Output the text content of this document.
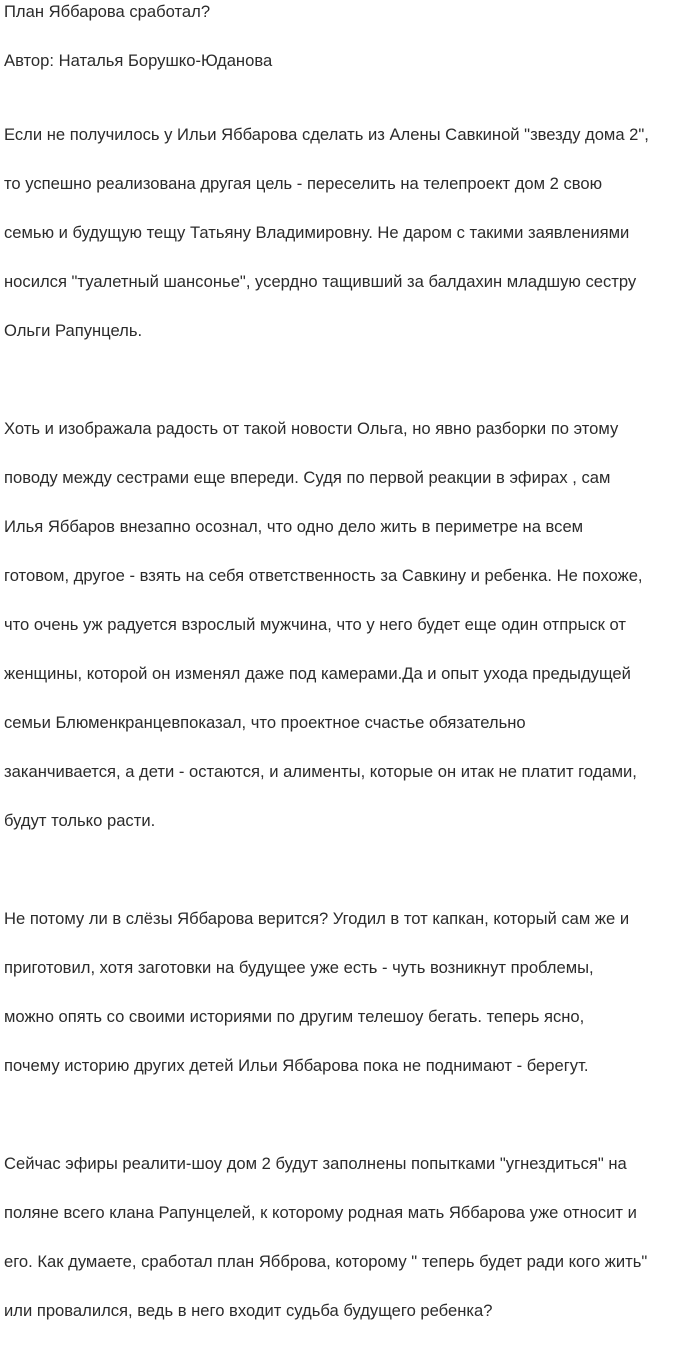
План Яббарова сработал?

Автор: Наталья Борушко-Юданова

Если не получилось у Ильи Яббарова сделать из Алены Савкиной "звезду дома 2",

то успешно реализована другая цель - переселить на телепроект дом 2 свою

семью и будущую тещу Татьяну Владимировну. Не даром с такими заявлениями

носился "туалетный шансонье", усердно тащивший за балдахин младшую сестру

Ольги Рапунцель.

Хоть и изображала радость от такой новости Ольга, но явно разборки по этому

поводу между сестрами еще впереди. Судя по первой реакции в эфирах , сам

Илья Яббаров внезапно осознал, что одно дело жить в периметре на всем

готовом, другое - взять на себя ответственность за Савкину и ребенка. Не похоже,

что очень уж радуется взрослый мужчина, что у него будет еще один отпрыск от

женщины, которой он изменял даже под камерами.Да и опыт ухода предыдущей

семьи Блюменкранцевпоказал, что проектное счастье обязательно

заканчивается, а дети - остаются, и алименты, которые он итак не платит годами,

будут только расти.

Не потому ли в слёзы Яббарова верится? Угодил в тот капкан, который сам же и

приготовил, хотя заготовки на будущее уже есть - чуть возникнут проблемы,

можно опять со своими историями по другим телешоу бегать. теперь ясно,

почему историю других детей Ильи Яббарова пока не поднимают - берегут.

Сейчас эфиры реалити-шоу дом 2 будут заполнены попытками "угнездиться" на

поляне всего клана Рапунцелей, к которому родная мать Яббарова уже относит и

его. Как думаете, сработал план Ябброва, которому " теперь будет ради кого жить"

или провалился, ведь в него входит судьба будущего ребенка?
